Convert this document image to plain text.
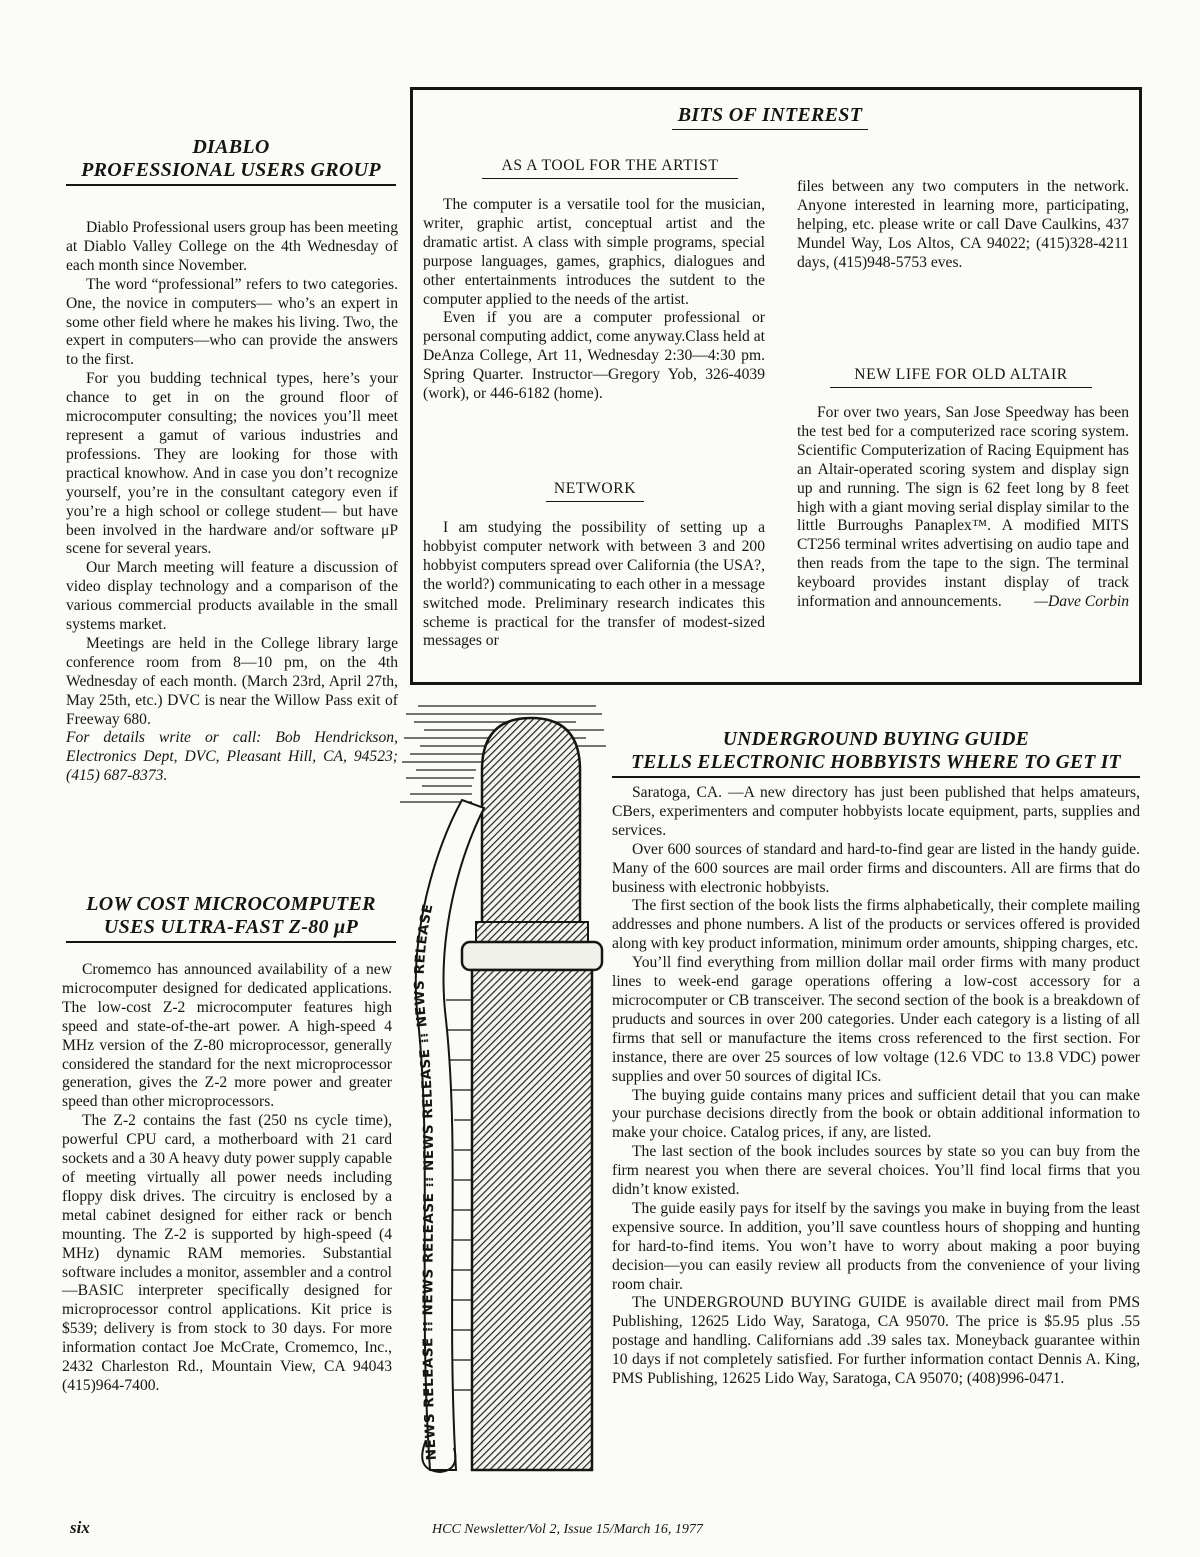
DIABLO
PROFESSIONAL USERS GROUP

Diablo Professional users group has been meeting at Diablo Valley College on the 4th Wednesday of each month since November.

The word “professional” refers to two categories. One, the novice in computers— who’s an expert in some other field where he makes his living. Two, the expert in computers—who can provide the answers to the first.

For you budding technical types, here’s your chance to get in on the ground floor of microcomputer consulting; the novices you’ll meet represent a gamut of various industries and professions. They are looking for those with practical knowhow. And in case you don’t recognize yourself, you’re in the consultant category even if you’re a high school or college student— but have been involved in the hardware and/or software μP scene for several years.

Our March meeting will feature a discussion of video display technology and a comparison of the various commercial products available in the small systems market.

Meetings are held in the College library large conference room from 8—10 pm, on the 4th Wednesday of each month. (March 23rd, April 27th, May 25th, etc.) DVC is near the Willow Pass exit of Freeway 680.

For details write or call: Bob Hendrickson, Electronics Dept, DVC, Pleasant Hill, CA, 94523; (415) 687-8373.

LOW COST MICROCOMPUTER
USES ULTRA-FAST Z-80 μP

Cromemco has announced availability of a new microcomputer designed for dedicated applications. The low-cost Z-2 microcomputer features high speed and state-of-the-art power. A high-speed 4 MHz version of the Z-80 microprocessor, generally considered the standard for the next microprocessor generation, gives the Z-2 more power and greater speed than other microprocessors.

The Z-2 contains the fast (250 ns cycle time), powerful CPU card, a motherboard with 21 card sockets and a 30 A heavy duty power supply capable of meeting virtually all power needs including floppy disk drives. The circuitry is enclosed by a metal cabinet designed for either rack or bench mounting. The Z-2 is supported by high-speed (4 MHz) dynamic RAM memories. Substantial software includes a monitor, assembler and a control—BASIC interpreter specifically designed for microprocessor control applications. Kit price is $539; delivery is from stock to 30 days. For more information contact Joe McCrate, Cromemco, Inc., 2432 Charleston Rd., Mountain View, CA 94043 (415)964-7400.

BITS OF INTEREST
AS A TOOL FOR THE ARTIST

The computer is a versatile tool for the musician, writer, graphic artist, conceptual artist and the dramatic artist. A class with simple programs, special purpose languages, games, graphics, dialogues and other entertainments introduces the sutdent to the computer applied to the needs of the artist.

Even if you are a computer professional or personal computing addict, come anyway.Class held at DeAnza College, Art 11, Wednesday 2:30—4:30 pm. Spring Quarter. Instructor—Gregory Yob, 326-4039 (work), or 446-6182 (home).

NETWORK

I am studying the possibility of setting up a hobbyist computer network with between 3 and 200 hobbyist computers spread over California (the USA?, the world?) communicating to each other in a message switched mode. Preliminary research indicates this scheme is practical for the transfer of modest-sized messages or

files between any two computers in the network. Anyone interested in learning more, participating, helping, etc. please write or call Dave Caulkins, 437 Mundel Way, Los Altos, CA 94022; (415)328-4211 days, (415)948-5753 eves.

NEW LIFE FOR OLD ALTAIR

For over two years, San Jose Speedway has been the test bed for a computerized race scoring system. Scientific Computerization of Racing Equipment has an Altair-operated scoring system and display sign up and running. The sign is 62 feet long by 8 feet high with a giant moving serial display similar to the little Burroughs Panaplex™. A modified MITS CT256 terminal writes advertising on audio tape and then reads from the tape to the sign. The terminal keyboard provides instant display of track information and announcements. —Dave Corbin

UNDERGROUND BUYING GUIDE
TELLS ELECTRONIC HOBBYISTS WHERE TO GET IT

Saratoga, CA. —A new directory has just been published that helps amateurs, CBers, experimenters and computer hobbyists locate equipment, parts, supplies and services.

Over 600 sources of standard and hard-to-find gear are listed in the handy guide. Many of the 600 sources are mail order firms and discounters. All are firms that do business with electronic hobbyists.

The first section of the book lists the firms alphabetically, their complete mailing addresses and phone numbers. A list of the products or services offered is provided along with key product information, minimum order amounts, shipping charges, etc.

You’ll find everything from million dollar mail order firms with many product lines to week-end garage operations offering a low-cost accessory for a microcomputer or CB transceiver. The second section of the book is a breakdown of pruducts and sources in over 200 categories. Under each category is a listing of all firms that sell or manufacture the items cross referenced to the first section. For instance, there are over 25 sources of low voltage (12.6 VDC to 13.8 VDC) power supplies and over 50 sources of digital ICs.

The buying guide contains many prices and sufficient detail that you can make your purchase decisions directly from the book or obtain additional information to make your choice. Catalog prices, if any, are listed.

The last section of the book includes sources by state so you can buy from the firm nearest you when there are several choices. You’ll find local firms that you didn’t know existed.

The guide easily pays for itself by the savings you make in buying from the least expensive source. In addition, you’ll save countless hours of shopping and hunting for hard-to-find items. You won’t have to worry about making a poor buying decision—you can easily review all products from the convenience of your living room chair.

The UNDERGROUND BUYING GUIDE is available direct mail from PMS Publishing, 12625 Lido Way, Saratoga, CA 95070. The price is $5.95 plus .55 postage and handling. Californians add .39 sales tax. Moneyback guarantee within 10 days if not completely satisfied. For further information contact Dennis A. King, PMS Publishing, 12625 Lido Way, Saratoga, CA 95070; (408)996-0471.

NEWS RELEASE ⁞⁞ NEWS RELEASE ⁞⁞ NEWS RELEASE ⁞⁞ NEWS RELEASE
six	HCC Newsletter/Vol 2, Issue 15/March 16, 1977
